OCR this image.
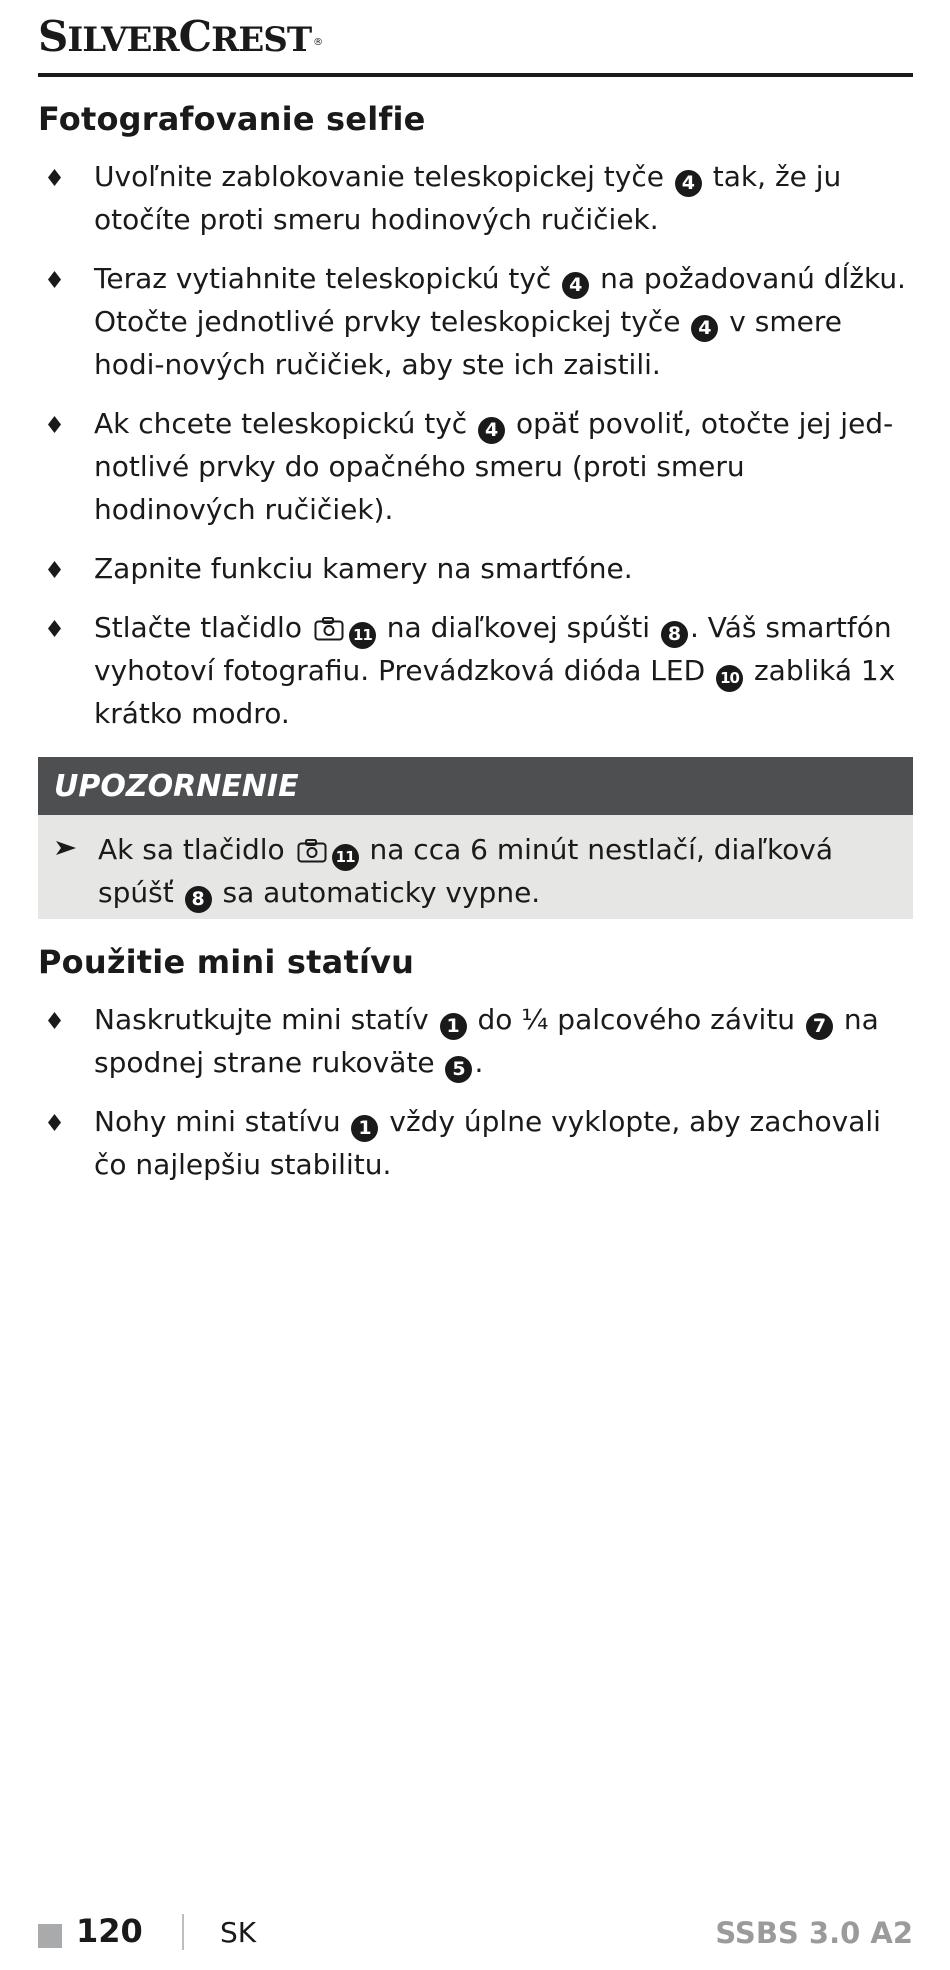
SILVERCREST ®
Fotografovanie selfie
Uvoľnite zablokovanie teleskopickej tyče 4 tak, že ju otočíte proti smeru hodinových ručičiek.
Teraz vytiahnite teleskopickú tyč 4 na požadovanú dĺžku. Otočte jednotlivé prvky teleskopickej tyče 4 v smere hodi-nových ručičiek, aby ste ich zaistili.
Ak chcete teleskopickú tyč 4 opäť povoliť, otočte jej jed-notlivé prvky do opačného smeru (proti smeru hodinových ručičiek).
Zapnite funkciu kamery na smartfóne.
Stlačte tlačidlo	11 na diaľkovej spúšti 8 . Váš smartfón vyhotoví fotografiu. Prevádzková dióda LED 10 zabliká 1x krátko modro.
UPOZORNENIE
Ak sa tlačidlo	11 na cca 6 minút nestlačí, diaľková spúšť 8 sa automaticky vypne.
Použitie mini statívu
Naskrutkujte mini statív 1 do ¼ palcového závitu 7 na spodnej strane rukoväte 5 .
Nohy mini statívu 1 vždy úplne vyklopte, aby zachovali čo najlepšiu stabilitu.
120	SK	SSBS 3.0 A2
